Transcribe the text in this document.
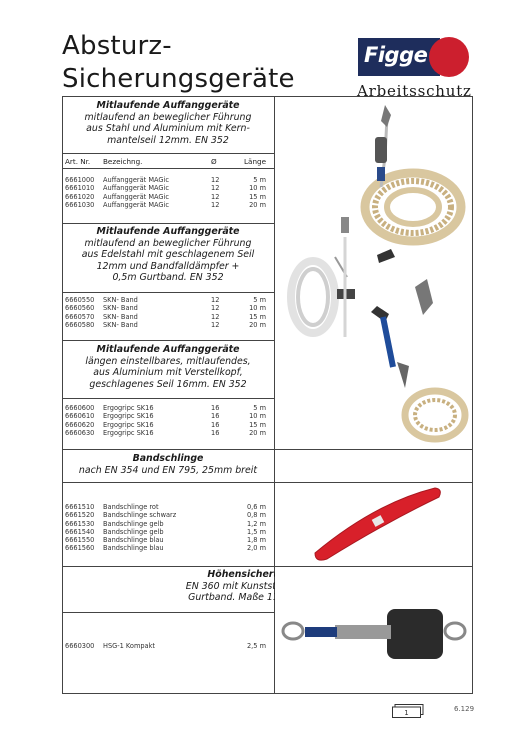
Absturz-
Sicherungsgeräte
Figge
Arbeitsschutz
Mitlaufende Auffanggeräte
mitlaufend an beweglicher Führung
aus Stahl und Aluminium mit Kern-
mantelseil 12mm. EN 352
Art. Nr. Bezeichng.	Ø	Länge
6661000 Auffanggerät MAGic	12	5 m
6661010 Auffanggerät MAGic	12	10 m
6661020 Auffanggerät MAGic	12	15 m
6661030 Auffanggerät MAGic	12	20 m
Mitlaufende Auffanggeräte
mitlaufend an beweglicher Führung
aus Edelstahl mit geschlagenem Seil
12mm und Bandfalldämpfer +
0,5m Gurtband. EN 352
6660550 SKN- Band	12	5 m
6660560 SKN- Band	12	10 m
6660570 SKN- Band	12	15 m
6660580 SKN- Band	12	20 m
Mitlaufende Auffanggeräte
längen einstellbares, mitlaufendes,
aus Aluminium mit Verstellkopf,
geschlagenes Seil 16mm. EN 352
6660600 Ergogripc SK16	16	5 m
6660610 Ergogripc SK16	16	10 m
6660620 Ergogripc SK16	16	15 m
6660630 Ergogripc SK16	16	20 m
Bandschlinge
nach EN 354 und EN 795, 25mm breit
6661510 Bandschlinge rot	0,6 m
6661520 Bandschlinge schwarz	0,8 m
6661530 Bandschlinge gelb	1,2 m
6661540 Bandschlinge gelb	1,5 m
6661550 Bandschlinge blau	1,8 m
6661560 Bandschlinge blau	2,0 m
Höhensicherungsgerät
EN 360 mit Kunststoffgehäuse und
Gurtband. Maße 110x110x80 mm
6660300 HSG-1 Kompakt	2,5 m
1	6.129
